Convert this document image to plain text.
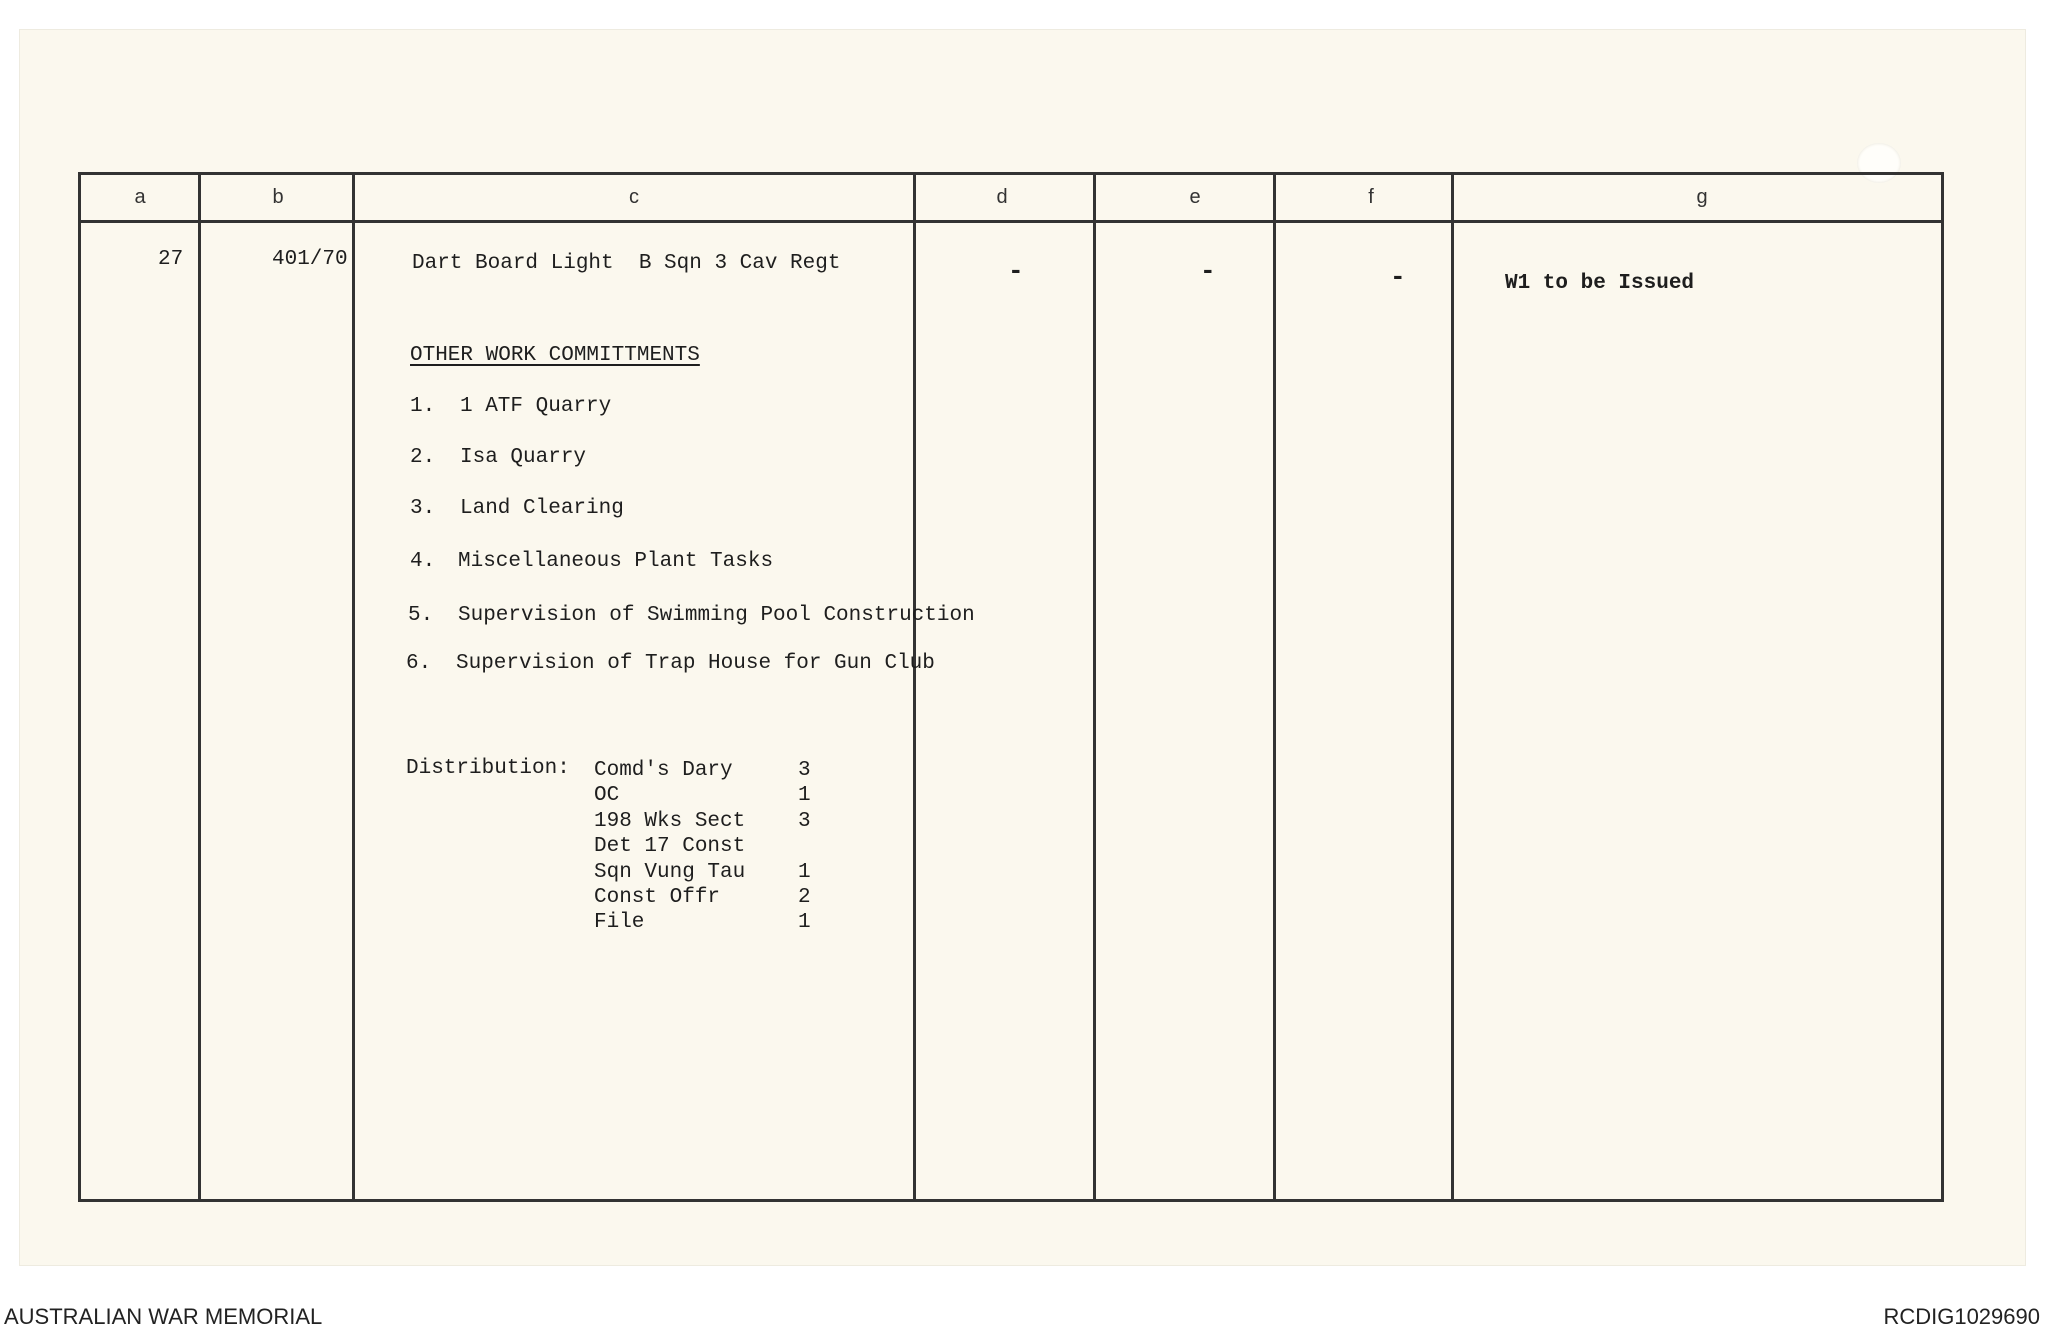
a	b	c	d	e	f	g
27	401/70	Dart Board Light  B Sqn 3 Cav Regt	-	-	-	W1 to be Issued
OTHER WORK COMMITTMENTS
1. 1 ATF Quarry
2. Isa Quarry
3. Land Clearing
4. Miscellaneous Plant Tasks
5. Supervision of Swimming Pool Construction
6. Supervision of Trap House for Gun Club
Distribution: Comd's Dary	3
OC	1
198 Wks Sect	3
Det 17 Const
Sqn Vung Tau	1
Const Offr	2
File	1
AUSTRALIAN WAR MEMORIAL	RCDIG1029690
